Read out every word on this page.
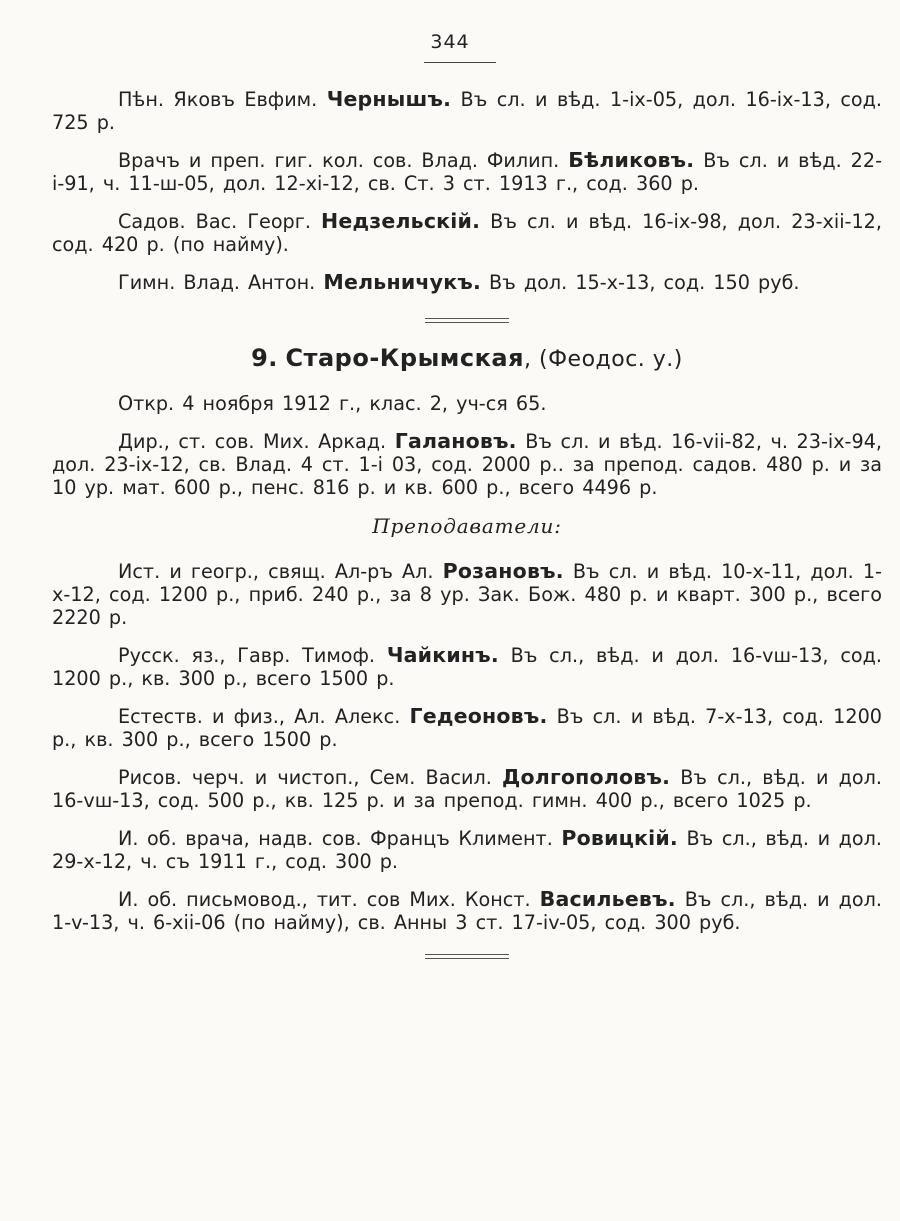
344

Пѣн. Яковъ Евфим. Чернышъ. Въ сл. и вѣд. 1-ix-05, дол. 16-ix-13, сод. 725 р.

Врачъ и преп. гиг. кол. сов. Влад. Филип. Бѣликовъ. Въ сл. и вѣд. 22-i-91, ч. 11-ш-05, дол. 12-xi-12, св. Ст. 3 ст. 1913 г., сод. 360 р.

Садов. Вас. Георг. Недзельскій. Въ сл. и вѣд. 16-ix-98, дол. 23-xii-12, сод. 420 р. (по найму).

Гимн. Влад. Антон. Мельничукъ. Въ дол. 15-x-13, сод. 150 руб.

9. Старо-Крымская, (Феодос. у.)

Откр. 4 ноября 1912 г., клас. 2, уч-ся 65.

Дир., ст. сов. Мих. Аркад. Галановъ. Въ сл. и вѣд. 16-vii-82, ч. 23-ix-94, дол. 23-ix-12, св. Влад. 4 ст. 1-i 03, сод. 2000 р.. за препод. садов. 480 р. и за 10 ур. мат. 600 р., пенс. 816 р. и кв. 600 р., всего 4496 р.

Преподаватели:

Ист. и геогр., свящ. Ал-ръ Ал. Розановъ. Въ сл. и вѣд. 10-x-11, дол. 1-x-12, сод. 1200 р., приб. 240 р., за 8 ур. Зак. Бож. 480 р. и кварт. 300 р., всего 2220 р.

Русск. яз., Гавр. Тимоф. Чайкинъ. Въ сл., вѣд. и дол. 16-vш-13, сод. 1200 р., кв. 300 р., всего 1500 р.

Естеств. и физ., Ал. Алекс. Гедеоновъ. Въ сл. и вѣд. 7-x-13, сод. 1200 р., кв. 300 р., всего 1500 р.

Рисов. черч. и чистоп., Сем. Васил. Долгополовъ. Въ сл., вѣд. и дол. 16-vш-13, сод. 500 р., кв. 125 р. и за препод. гимн. 400 р., всего 1025 р.

И. об. врача, надв. сов. Францъ Климент. Ровицкій. Въ сл., вѣд. и дол. 29-x-12, ч. съ 1911 г., сод. 300 р.

И. об. письмовод., тит. сов Мих. Конст. Васильевъ. Въ сл., вѣд. и дол. 1-v-13, ч. 6-xii-06 (по найму), св. Анны 3 ст. 17-iv-05, сод. 300 руб.
